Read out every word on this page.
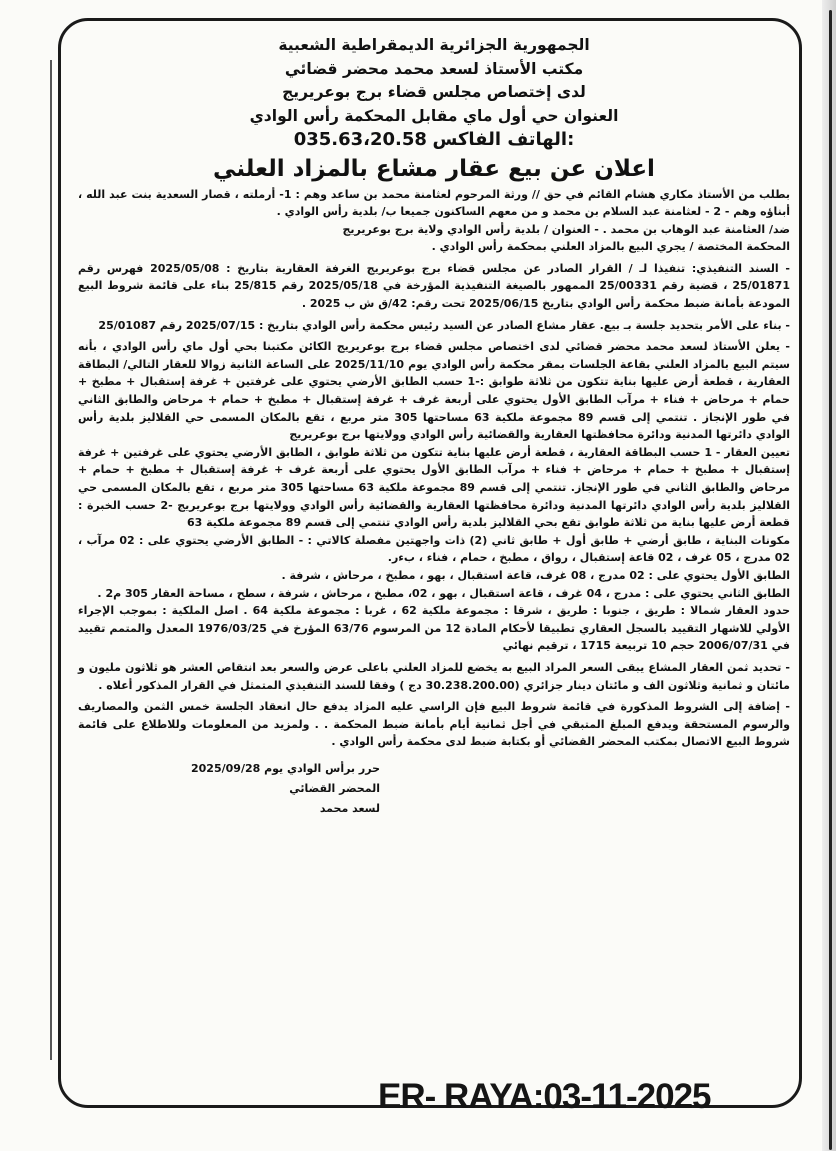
الجمهورية الجزائرية الديمقراطية الشعبية
مكتب الأستاذ لسعد محمد محضر قضائي
لدى إختصاص مجلس قضاء برج بوعريريج
العنوان حي أول ماي مقابل المحكمة رأس الوادي
الهاتف الفاكس: 035.63،20.58
اعلان عن بيع عقار مشاع بالمزاد العلني

بطلب من الأستاذ مكاري هشام القائم في حق // ورثة المرحوم لعثامنة محمد بن ساعد وهم : 1- أرملته ، قصار السعدية بنت عبد الله ، أبناؤه وهم - 2 - لعثامنة عبد السلام بن محمد و من معهم الساكنون جميعا ب/ بلدية رأس الوادي .

ضد/ العثامنة عبد الوهاب بن محمد . - العنوان / بلدية رأس الوادي ولاية برج بوعريريج

المحكمة المختصة / يجري البيع بالمزاد العلني بمحكمة رأس الوادي .

- السند التنفيذي: تنفيذا لـ / القرار الصادر عن مجلس قضاء برج بوعريريج الغرفة العقارية بتاريخ : 2025/05/08 فهرس رقم 25/01871 ، قضية رقم 25/00331 الممهور بالصيغة التنفيذية المؤرخة في 2025/05/18 رقم 25/815 بناء على قائمة شروط البيع المودعة بأمانة ضبط محكمة رأس الوادي بتاريخ 2025/06/15 تحت رقم: 42/ق ش ب 2025 .

- بناء على الأمر بتحديد جلسة بـ بيع. عقار مشاع الصادر عن السيد رئيس محكمة رأس الوادي بتاريخ : 2025/07/15 رقم 25/01087

- يعلن الأستاذ لسعد محمد محضر قضائي لدى اختصاص مجلس قضاء برج بوعريريج الكائن مكتبنا بحي أول ماي رأس الوادي ، بأنه سيتم البيع بالمزاد العلني بقاعة الجلسات بمقر محكمة رأس الوادي يوم 2025/11/10 على الساعة الثانية زوالا للعقار التالي/ البطاقة العقارية ، قطعة أرض عليها بناية تتكون من ثلاثة طوابق :-1 حسب الطابق الأرضي يحتوي على غرفتين + غرفة إستقبال + مطبخ + حمام + مرحاض + فناء + مرآب الطابق الأول يحتوي على أربعة غرف + غرفة إستقبال + مطبخ + حمام + مرحاض والطابق الثاني في طور الإنجاز . تنتمي إلى قسم 89 مجموعة ملكية 63 مساحتها 305 متر مربع ، تقع بالمكان المسمى حي القلاليز بلدية رأس الوادي دائرتها المدنية ودائرة محافظتها العقارية والقضائية رأس الوادي وولايتها برج بوعريريج

تعيين العقار - 1 حسب البطاقة العقارية ، قطعة أرض عليها بناية تتكون من ثلاثة طوابق ، الطابق الأرضي يحتوي على غرفتين + غرفة إستقبال + مطبخ + حمام + مرحاض + فناء + مرآب الطابق الأول يحتوي على أربعة غرف + غرفة إستقبال + مطبخ + حمام + مرحاض والطابق الثاني في طور الإنجاز. تنتمي إلى قسم 89 مجموعة ملكية 63 مساحتها 305 متر مربع ، تقع بالمكان المسمى حي القلاليز بلدية رأس الوادي دائرتها المدنية ودائرة محافظتها العقارية والقضائية رأس الوادي وولايتها برج بوعريريج -2 حسب الخبرة : قطعة أرض عليها بناية من ثلاثة طوابق تقع بحي القلاليز بلدية رأس الوادي تنتمي إلى قسم 89 مجموعة ملكية 63

مكونات البناية ، طابق أرضي + طابق أول + طابق ثاني (2) ذات واجهتين مفصلة كالاتي : - الطابق الأرضي يحتوي على : 02 مرآب ، 02 مدرج ، 05 غرف ، 02 قاعة إستقبال ، رواق ، مطبخ ، حمام ، فناء ، بءر.

الطابق الأول يحتوي على : 02 مدرج ، 08 غرف، قاعة استقبال ، بهو ، مطبخ ، مرحاش ، شرفة .

الطابق الثاني يحتوي على : مدرج ، 04 غرف ، قاعة استقبال ، بهو ، 02، مطبخ ، مرحاش ، شرفة ، سطح ، مساحة العقار 305 م2 .

حدود العقار شمالا : طريق ، جنوبا : طريق ، شرقا : مجموعة ملكية 62 ، غربا : مجموعة ملكية 64 . اصل الملكية : بموجب الإجراء الأولي للاشهار التقييد بالسجل العقاري تطبيقا لأحكام المادة 12 من المرسوم 63/76 المؤرخ في 1976/03/25 المعدل والمتمم تقييد في 2006/07/31 حجم 10 تربيعة 1715 ، ترقيم نهائي

- تحديد ثمن العقار المشاع يبقى السعر المراد البيع به يخضع للمزاد العلني باعلى عرض والسعر بعد انتقاص العشر هو ثلاثون مليون و مائتان و ثمانية وثلاثون الف و مائتان دينار جزائري (30.238.200.00 دج ) وفقا للسند التنفيذي المتمثل في القرار المذكور أعلاه .

- إضافة إلى الشروط المذكورة في قائمة شروط البيع فإن الراسي عليه المزاد يدفع حال انعقاد الجلسة خمس الثمن والمصاريف والرسوم المستحقة ويدفع المبلغ المتبقي في أجل ثمانية أيام بأمانة ضبط المحكمة . . ولمزيد من المعلومات وللاطلاع على قائمة شروط البيع الاتصال بمكتب المحضر القضائي أو بكتابة ضبط لدى محكمة رأس الوادي .

حرر برأس الوادي يوم 2025/09/28
المحضر القضائي
لسعد محمد
ER- RAYA:03-11-2025
